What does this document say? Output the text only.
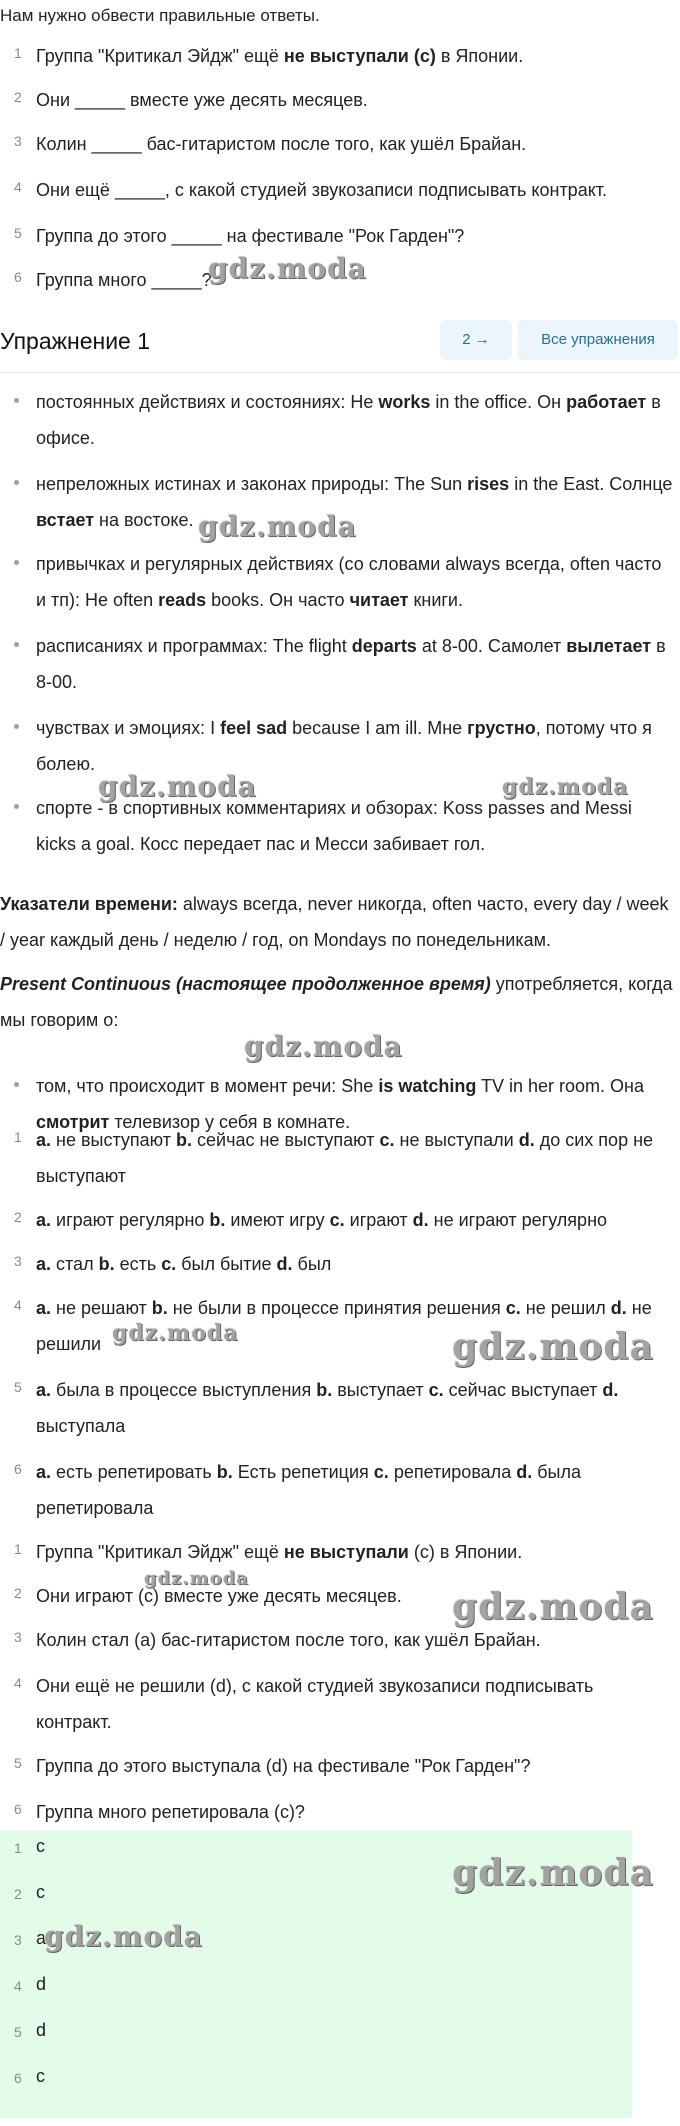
Нам нужно обвести правильные ответы.

1 Группа "Критикал Эйдж" ещё не выступали (с) в Японии.
2 Они _____ вместе уже десять месяцев.
3 Колин _____ бас-гитаристом после того, как ушёл Брайан.
4 Они ещё _____, с какой студией звукозаписи подписывать контракт.
5 Группа до этого _____ на фестивале "Рок Гарден"?
6 Группа много _____?
Упражнение 1	2 →	Все упражнения
постоянных действиях и состояниях: He works in the office. Он работает в офисе.
непреложных истинах и законах природы: The Sun rises in the East. Солнце встает на востоке.
привычках и регулярных действиях (со словами always всегда, often часто и тп): He often reads books. Он часто читает книги.
расписаниях и программах: The flight departs at 8-00. Самолет вылетает в 8-00.
чувствах и эмоциях: I feel sad because I am ill. Мне грустно, потому что я болею.
спорте - в спортивных комментариях и обзорах: Koss passes and Messi kicks a goal. Косс передает пас и Месси забивает гол.

Указатели времени: always всегда, never никогда, often часто, every day / week / year каждый день / неделю / год, on Mondays по понедельникам.

Present Continuous (настоящее продолженное время) употребляется, когда мы говорим о:

том, что происходит в момент речи: She is watching TV in her room. Она смотрит телевизор у себя в комнате.
1 a. не выступают b. сейчас не выступают c. не выступали d. до сих пор не выступают
2 a. играют регулярно b. имеют игру c. играют d. не играют регулярно
3 a. стал b. есть c. был бытие d. был
4 a. не решают b. не были в процессе принятия решения c. не решил d. не решили
5 a. была в процессе выступления b. выступает c. сейчас выступает d. выступала
6 a. есть репетировать b. Есть репетиция c. репетировала d. была репетировала
1 Группа "Критикал Эйдж" ещё не выступали (с) в Японии.
2 Они играют (с) вместе уже десять месяцев.
3 Колин стал (a) бас-гитаристом после того, как ушёл Брайан.
4 Они ещё не решили (d), с какой студией звукозаписи подписывать контракт.
5 Группа до этого выступала (d) на фестивале "Рок Гарден"?
6 Группа много репетировала (с)?
1 c
2 c
3 a
4 d
5 d
6 c
gdz.moda
gdz.moda
gdz.moda	gdz.moda
gdz.moda
gdz.moda	gdz.moda
gdz.moda
gdz.moda
gdz.moda
gdz.moda
